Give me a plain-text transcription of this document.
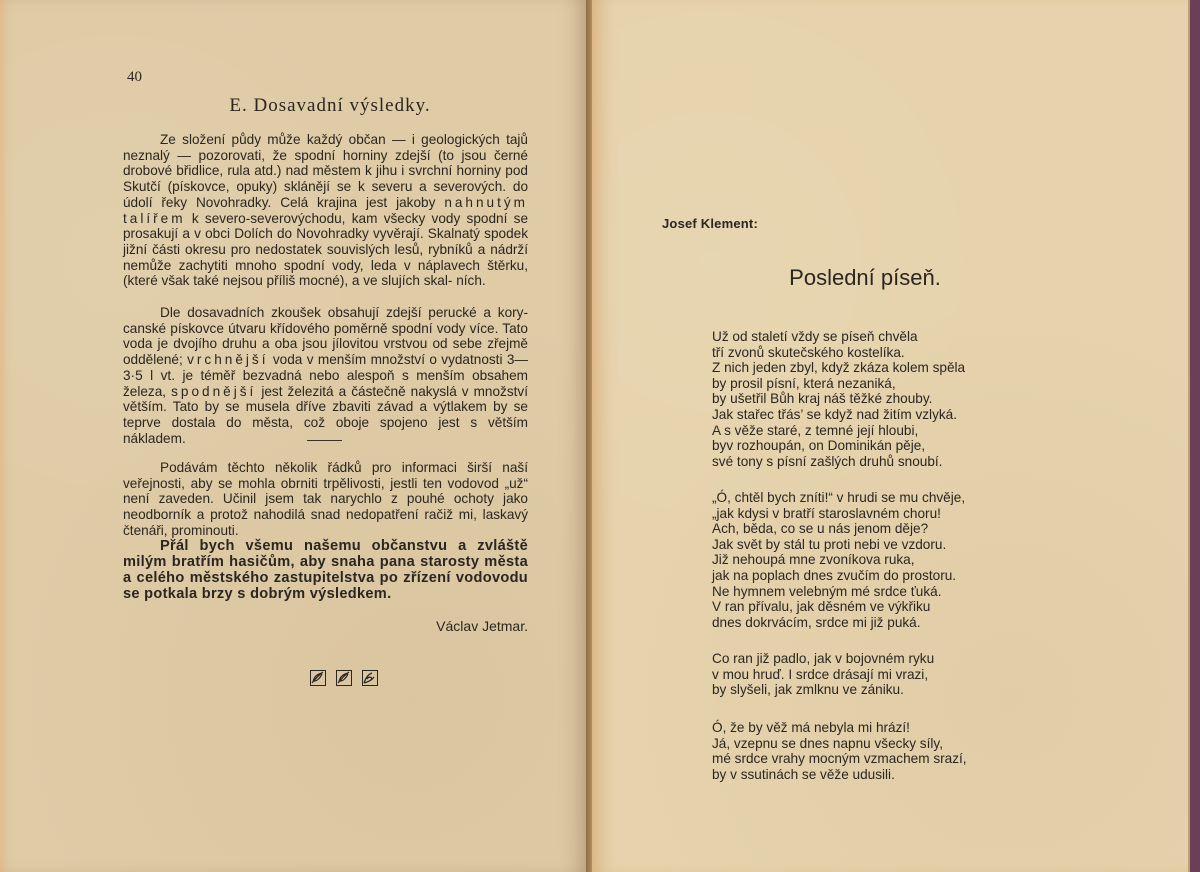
40
E. Dosavadní výsledky.

Ze složení půdy může každý občan — i geologických tajů neznalý — pozorovati, že spodní horniny zdejší (to jsou černé drobové břidlice, rula atd.) nad městem k jihu i svrchní horniny pod Skutčí (pískovce, opuky) sklánějí se k severu a severových. do údolí řeky Novohradky. Celá krajina jest jakoby nahnutým talířem k severo-severovýchodu, kam všecky vody spodní se prosakují a v obci Dolích do Novohradky vyvěrají. Skalnatý spodek jižní části okresu pro nedostatek souvislých lesů, rybníků a nádrží nemůže zachytiti mnoho spodní vody, leda v náplavech štěrku, (které však také nejsou příliš mocné), a ve slujích skal- ních.

Dle dosavadních zkoušek obsahují zdejší perucké a kory- canské pískovce útvaru křídového poměrně spodní vody více. Tato voda je dvojího druhu a oba jsou jílovitou vrstvou od sebe zřejmě oddělené; vrchnější voda v menším množství o vydatnosti 3—3·5 l vt. je téměř bezvadná nebo alespoň s menším obsahem železa, spodnější jest železitá a částečně nakyslá v množství větším. Tato by se musela dříve zbaviti závad a výtlakem by se teprve dostala do města, což oboje spojeno jest s větším nákladem.

Podávám těchto několik řádků pro informaci širší naší veřejnosti, aby se mohla obrniti trpělivosti, jestli ten vodovod „už“ není zaveden. Učinil jsem tak narychlo z pouhé ochoty jako neodborník a protož nahodilá snad nedopatření račiž mi, laskavý čtenáři, prominouti.

Přál bych všemu našemu občanstvu a zvláště milým bratřím hasičům, aby snaha pana starosty města a celého městského zastupitelstva po zřízení vodovodu se potkala brzy s dobrým výsledkem.

Václav Jetmar.
Josef Klement:
Poslední píseň.
Už od staletí vždy se píseň chvěla
tří zvonů skutečského kostelíka.
Z nich jeden zbyl, když zkáza kolem spěla
by prosil písní, která nezaniká,
by ušetřil Bůh kraj náš těžké zhouby.
Jak stařec třás’ se když nad žitím vzlyká.
A s věže staré, z temné její hloubi,
byv rozhoupán, on Dominikán pěje,
své tony s písní zašlých druhů snoubí.
„Ó, chtěl bych zníti!“ v hrudi se mu chvěje,
„jak kdysi v bratří staroslavném choru!
Ach, běda, co se u nás jenom děje?
Jak svět by stál tu proti nebi ve vzdoru.
Již nehoupá mne zvoníkova ruka,
jak na poplach dnes zvučím do prostoru.
Ne hymnem velebným mé srdce ťuká.
V ran přívalu, jak děsném ve výkřiku
dnes dokrvácím, srdce mi již puká.
Co ran již padlo, jak v bojovném ryku
v mou hruď. I srdce drásají mi vrazi,
by slyšeli, jak zmlknu ve zániku.
Ó, že by věž má nebyla mi hrází!
Já, vzepnu se dnes napnu všecky síly,
mé srdce vrahy mocným vzmachem srazí,
by v ssutinách se věže udusili.
